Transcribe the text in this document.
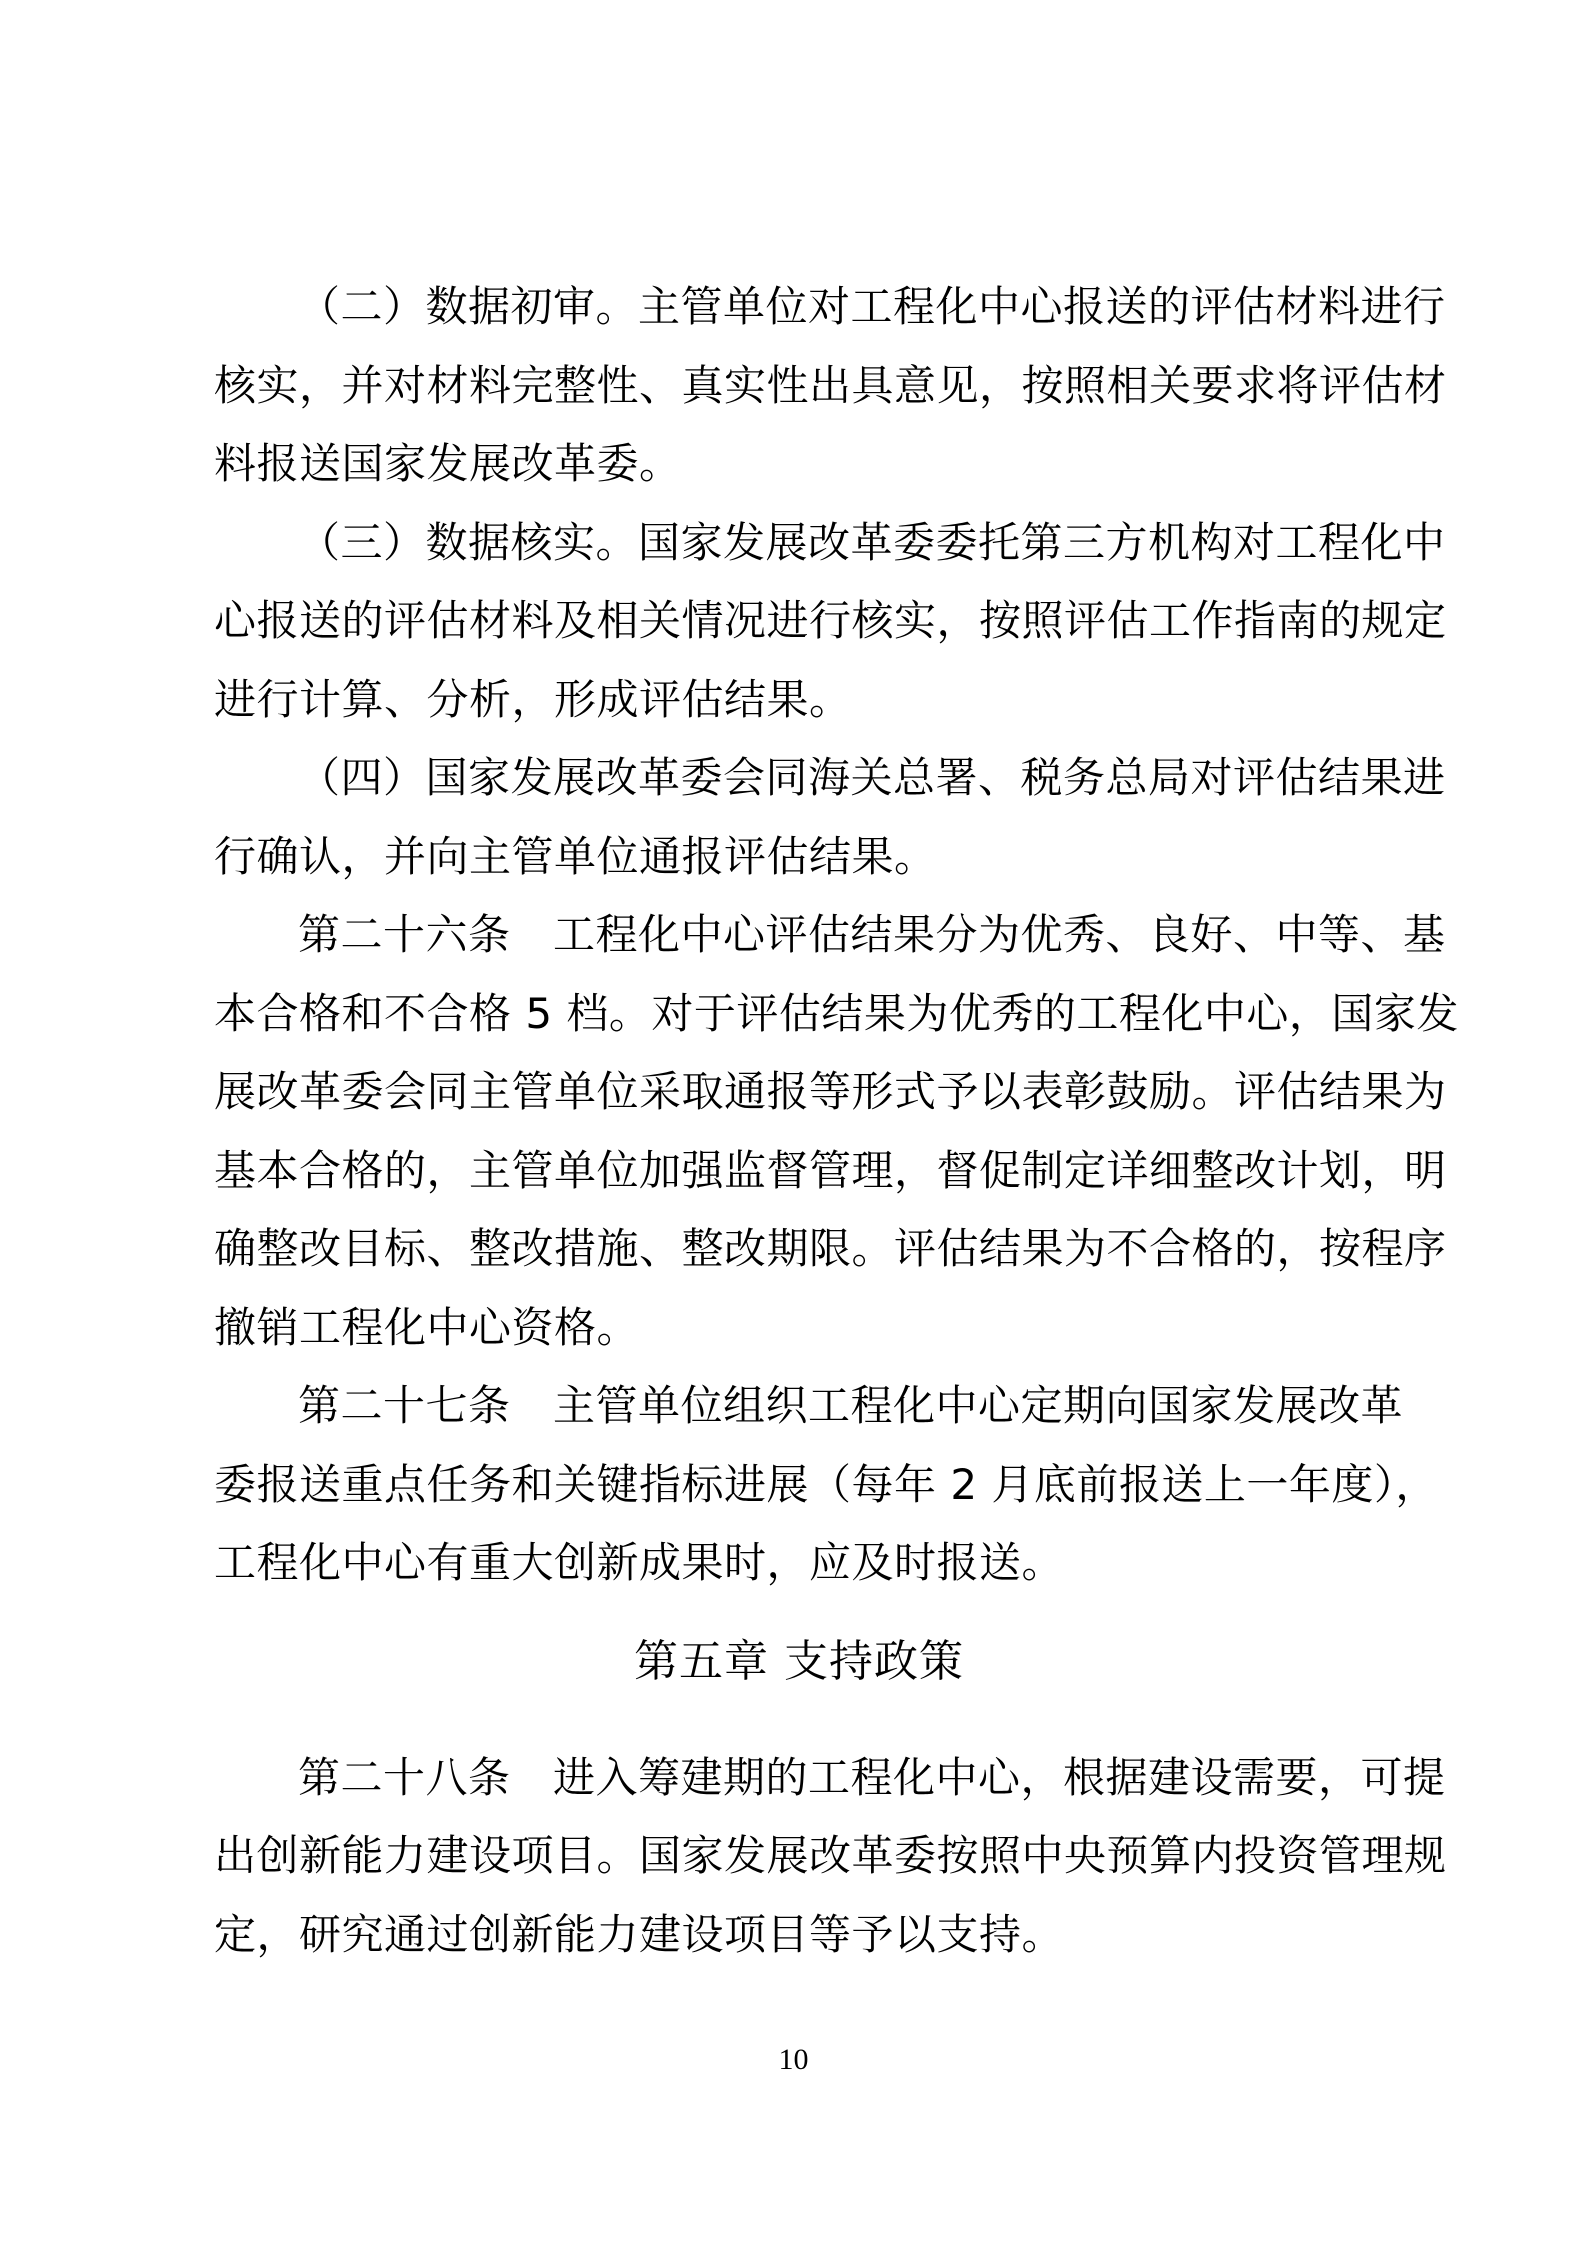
（二）数据初审。主管单位对工程化中心报送的评估材料进行
核实，并对材料完整性、真实性出具意见，按照相关要求将评估材
料报送国家发展改革委。

（三）数据核实。国家发展改革委委托第三方机构对工程化中
心报送的评估材料及相关情况进行核实，按照评估工作指南的规定
进行计算、分析，形成评估结果。

（四）国家发展改革委会同海关总署、税务总局对评估结果进
行确认，并向主管单位通报评估结果。

第二十六条　工程化中心评估结果分为优秀、良好、中等、基
本合格和不合格 5 档。对于评估结果为优秀的工程化中心，国家发
展改革委会同主管单位采取通报等形式予以表彰鼓励。评估结果为
基本合格的，主管单位加强监督管理，督促制定详细整改计划，明
确整改目标、整改措施、整改期限。评估结果为不合格的，按程序
撤销工程化中心资格。

第二十七条　主管单位组织工程化中心定期向国家发展改革
委报送重点任务和关键指标进展（每年 2 月底前报送上一年度），
工程化中心有重大创新成果时，应及时报送。

第五章 支持政策

第二十八条　进入筹建期的工程化中心，根据建设需要，可提
出创新能力建设项目。国家发展改革委按照中央预算内投资管理规
定，研究通过创新能力建设项目等予以支持。

10
